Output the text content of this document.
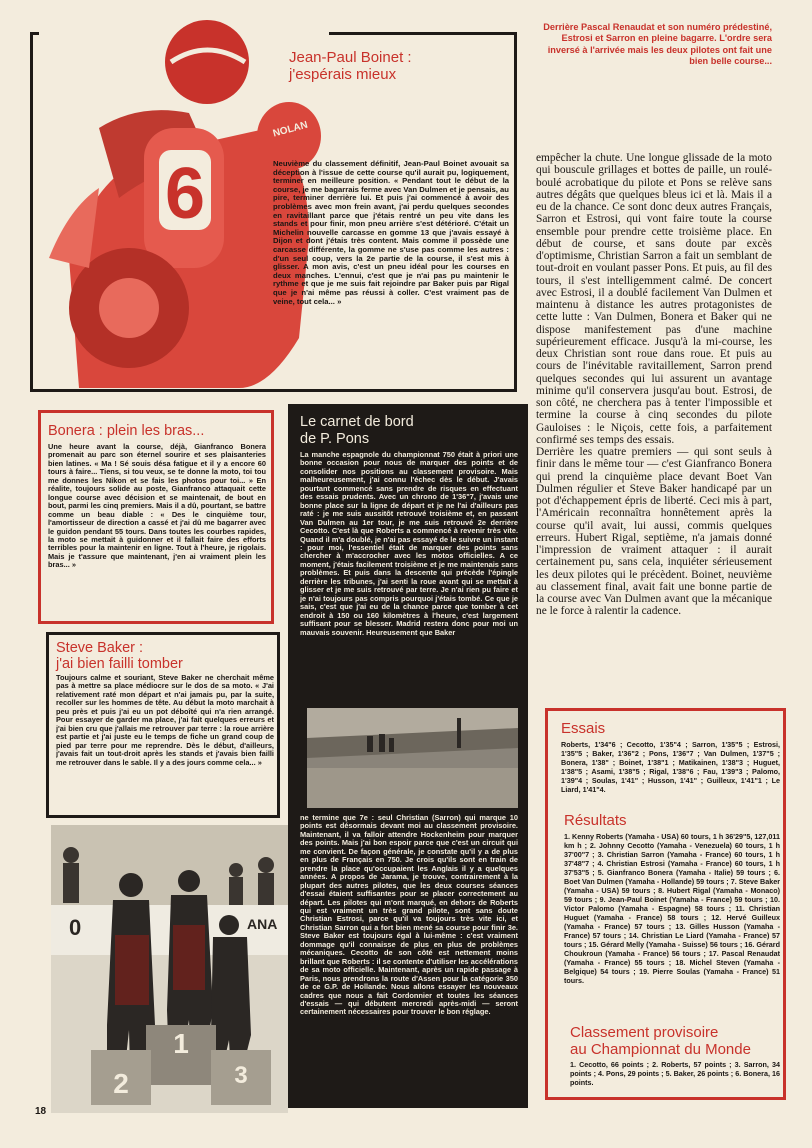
6
NOLAN
Jean-Paul Boinet :
j'espérais mieux
Neuvième du classement définitif, Jean-Paul Boinet avouait sa déception à l'issue de cette course qu'il aurait pu, logiquement, terminer en meilleure position. « Pendant tout le début de la course, je me bagarrais ferme avec Van Dulmen et je pensais, au pire, terminer derrière lui. Et puis j'ai commencé à avoir des problèmes avec mon frein avant, j'ai perdu quelques secondes en ravitaillant parce que j'étais rentré un peu vite dans les stands et pour finir, mon pneu arrière s'est détérioré. C'était un Michelin nouvelle carcasse en gomme 13 que j'avais essayé à Dijon et dont j'étais très content. Mais comme il possède une carcasse différente, la gomme ne s'use pas comme les autres : d'un seul coup, vers la 2e partie de la course, il s'est mis à glisser. A mon avis, c'est un pneu idéal pour les courses en deux manches. L'ennui, c'est que je n'ai pas pu maintenir le rythme et que je me suis fait rejoindre par Baker puis par Rigal que je n'ai même pas réussi à coller. C'est vraiment pas de veine, tout cela... »
Derrière Pascal Renaudat et son numéro prédestiné, Estrosi et Sarron en pleine bagarre. L'ordre sera inversé à l'arrivée mais les deux pilotes ont fait une bien belle course...
Bonera : plein les bras...
Une heure avant la course, déjà, Gianfranco Bonera promenait au parc son éternel sourire et ses plaisanteries bien latines. « Ma ! Sé souis désa fatigue et il y a encore 60 tours à faire... Tiens, si tou veux, se te donne la moto, toi tou me donnes les Nikon et se fais les photos pour toi... » En réalite, toujours solide au poste, Gianfranco attaquait cette longue course avec décision et se maintenait, de bout en bout, parmi les cinq premiers. Mais il a dû, pourtant, se battre comme un beau diable : « Des le cinquième tour, l'amortisseur de direction a cassé et j'ai dû me bagarrer avec le guidon pendant 55 tours. Dans toutes les courbes rapides, la moto se mettait à guidonner et il fallait faire des efforts terribles pour la maintenir en ligne. Tout à l'heure, je rigolais. Mais je t'assure que maintenant, j'en ai vraiment plein les bras... »
Steve Baker :
j'ai bien failli tomber
Toujours calme et souriant, Steve Baker ne cherchait même pas à mettre sa place médiocre sur le dos de sa moto. « J'ai relativement raté mon départ et n'ai jamais pu, par la suite, recoller sur les hommes de tête. Au début la moto marchait à peu près et puis j'ai eu un pot déboîté qui n'a rien arrangé. Pour essayer de garder ma place, j'ai fait quelques erreurs et j'ai bien cru que j'allais me retrouver par terre : la roue arrière est partie et j'ai juste eu le temps de fiche un grand coup de pied par terre pour me reprendre. Dès le début, d'ailleurs, j'avais fait un tout-droit après les stands et j'avais bien failli me retrouver dans le sable. Il y a des jours comme cela... »
0	ANA
1
2	3
18
Le carnet de bord
de P. Pons
La manche espagnole du championnat 750 était à priori une bonne occasion pour nous de marquer des points et de consolider nos positions au classement provisoire. Mais malheureusement, j'ai connu l'échec dès le début. J'avais pourtant commencé sans prendre de risques en effectuant des essais prudents. Avec un chrono de 1'36"7, j'avais une bonne place sur la ligne de départ et je ne l'ai d'ailleurs pas raté : je me suis aussitôt retrouvé troisième et, en passant Van Dulmen au 1er tour, je me suis retrouvé 2e derrière Cecotto. C'est là que Roberts a commencé à revenir très vite. Quand il m'a doublé, je n'ai pas essayé de le suivre un instant : pour moi, l'essentiel était de marquer des points sans chercher à m'accrocher avec les motos officielles. A ce moment, j'étais facilement troisième et je me maintenais sans problèmes. Et puis dans la descente qui précède l'épingle derrière les tribunes, j'ai senti la roue avant qui se mettait à glisser et je me suis retrouvé par terre. Je n'ai rien pu faire et je n'ai toujours pas compris pourquoi j'étais tombé. Ce que je sais, c'est que j'ai eu de la chance parce que tomber à cet endroit à 150 ou 160 kilomètres à l'heure, c'est largement suffisant pour se blesser. Madrid restera donc pour moi un mauvais souvenir. Heureusement que Baker
ne termine que 7e : seul Christian (Sarron) qui marque 10 points est désormais devant moi au classement provisoire. Maintenant, il va falloir attendre Hockenheim pour marquer des points. Mais j'ai bon espoir parce que c'est un circuit qui me convient. De façon générale, je constate qu'il y a de plus en plus de Français en 750. Je crois qu'ils sont en train de prendre la place qu'occupaient les Anglais il y a quelques années. A propos de Jarama, je trouve, contrairement à la plupart des autres pilotes, que les deux courses séances d'essai étaient suffisantes pour se placer correctement au départ. Les pilotes qui m'ont marqué, en dehors de Roberts qui est vraiment un très grand pilote, sont sans doute Christian Estrosi, parce qu'il va toujours très vite ici, et Christian Sarron qui a fort bien mené sa course pour finir 3e. Steve Baker est toujours égal à lui-même : c'est vraiment dommage qu'il connaisse de plus en plus de problèmes mécaniques. Cecotto de son côté est nettement moins brillant que Roberts : il se contente d'utiliser les accélérations de sa moto officielle. Maintenant, après un rapide passage à Paris, nous prendrons la route d'Assen pour la catégorie 350 de ce G.P. de Hollande. Nous allons essayer les nouveaux cadres que nous a fait Cordonnier et toutes les séances d'essais — qui débutent mercredi après-midi — seront certainement nécessaires pour trouver le bon réglage.
empêcher la chute. Une longue glissade de la moto qui bouscule grillages et bottes de paille, un roulé-boulé acrobatique du pilote et Pons se relève sans autres dégâts que quelques bleus ici et là. Mais il a eu de la chance. Ce sont donc deux autres Français, Sarron et Estrosi, qui vont faire toute la course ensemble pour prendre cette troisième place. En début de course, et sans doute par excès d'optimisme, Christian Sarron a fait un semblant de tout-droit en voulant passer Pons. Et puis, au fil des tours, il s'est intelligemment calmé. De concert avec Estrosi, il a doublé facilement Van Dulmen et maintenu à distance les autres protagonistes de cette lutte : Van Dulmen, Bonera et Baker qui ne dispose manifestement pas d'une machine supérieurement efficace. Jusqu'à la mi-course, les deux Christian sont roue dans roue. Et puis au cours de l'inévitable ravitaillement, Sarron prend quelques secondes qui lui assurent un avantage minime qu'il conservera jusqu'au bout. Estrosi, de son côté, ne cherchera pas à tenter l'impossible et termine la course à cinq secondes du pilote Gauloises : le Niçois, cette fois, a parfaitement confirmé ses temps des essais.
Derrière les quatre premiers — qui sont seuls à finir dans le même tour — c'est Gianfranco Bonera qui prend la cinquième place devant Boet Van Dulmen régulier et Steve Baker handicapé par un pot d'échappement épris de liberté. Ceci mis à part, l'Américain reconnaîtra honnêtement après la course qu'il avait, lui aussi, commis quelques erreurs. Hubert Rigal, septième, n'a jamais donné l'impression de vraiment attaquer : il aurait certainement pu, sans cela, inquiéter sérieusement les deux pilotes qui le précèdent. Boinet, neuvième au classement final, avait fait une bonne partie de la course avec Van Dulmen avant que la mécanique ne le force à ralentir la cadence.
Essais
Roberts, 1'34"6 ; Cecotto, 1'35"4 ; Sarron, 1'35"5 ; Estrosi, 1'35"5 ; Baker, 1'36"2 ; Pons, 1'36"7 ; Van Dulmen, 1'37"5 ; Bonera, 1'38" ; Boinet, 1'38"1 ; Matikainen, 1'38"3 ; Huguet, 1'38"5 ; Asami, 1'38"5 ; Rigal, 1'38"6 ; Fau, 1'39"3 ; Palomo, 1'39"4 ; Soulas, 1'41" ; Husson, 1'41" ; Guilleux, 1'41"1 ; Le Liard, 1'41"4.
Résultats
1. Kenny Roberts (Yamaha - USA) 60 tours, 1 h 36'29"5, 127,011 km h ; 2. Johnny Cecotto (Yamaha - Venezuela) 60 tours, 1 h 37'00"7 ; 3. Christian Sarron (Yamaha - France) 60 tours, 1 h 37'48"7 ; 4. Christian Estrosi (Yamaha - France) 60 tours, 1 h 37'53"5 ; 5. Gianfranco Bonera (Yamaha - Italie) 59 tours ; 6. Boet Van Dulmen (Yamaha - Hollande) 59 tours ; 7. Steve Baker (Yamaha - USA) 59 tours ; 8. Hubert Rigal (Yamaha - Monaco) 59 tours ; 9. Jean-Paul Boinet (Yamaha - France) 59 tours ; 10. Victor Palomo (Yamaha - Espagne) 58 tours ; 11. Christian Huguet (Yamaha - France) 58 tours ; 12. Hervé Guilleux (Yamaha - France) 57 tours ; 13. Gilles Husson (Yamaha - France) 57 tours ; 14. Christian Le Liard (Yamaha - France) 57 tours ; 15. Gérard Melly (Yamaha - Suisse) 56 tours ; 16. Gérard Choukroun (Yamaha - France) 56 tours ; 17. Pascal Renaudat (Yamaha - France) 55 tours ; 18. Michel Steven (Yamaha - Belgique) 54 tours ; 19. Pierre Soulas (Yamaha - France) 51 tours.
Classement provisoire
au Championnat du Monde
1. Cecotto, 66 points ; 2. Roberts, 57 points ; 3. Sarron, 34 points ; 4. Pons, 29 points ; 5. Baker, 26 points ; 6. Bonera, 16 points.
